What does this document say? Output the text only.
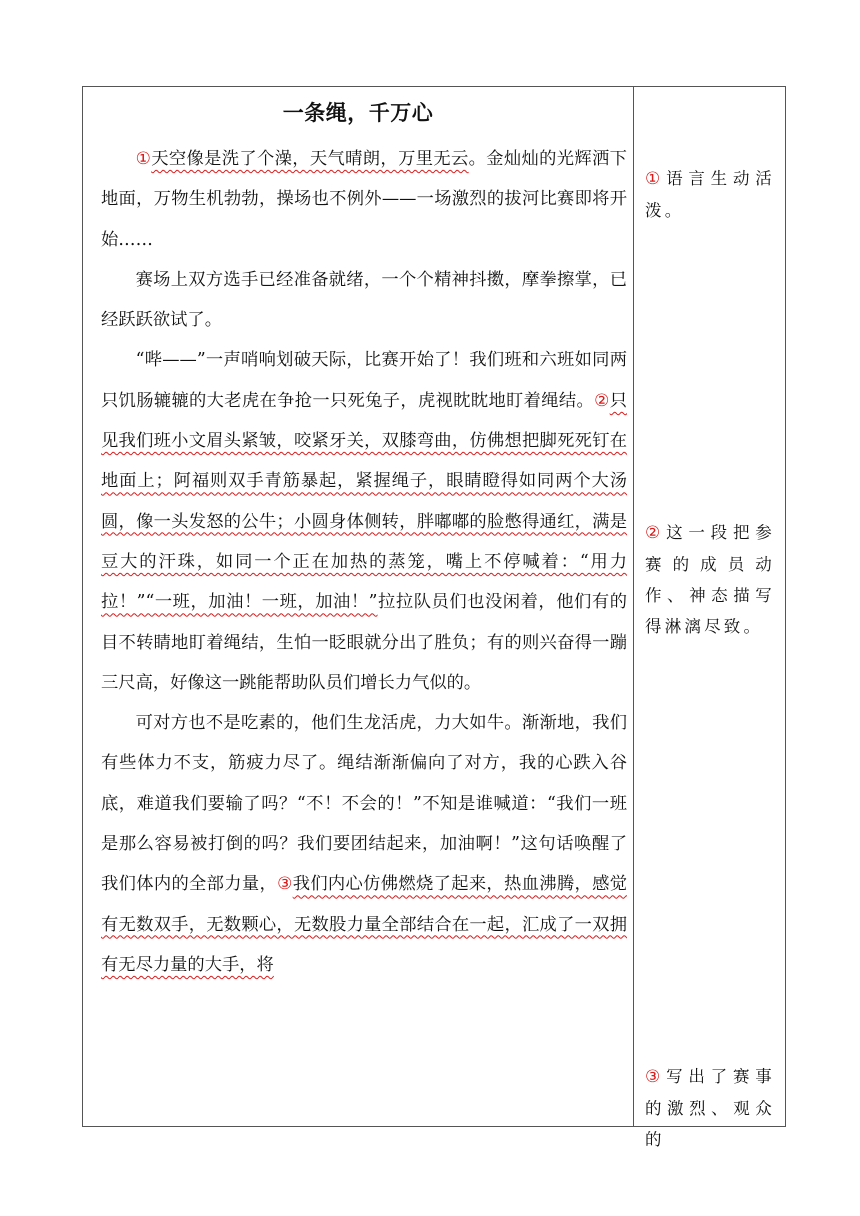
一条绳，千万心

①天空像是洗了个澡，天气晴朗，万里无云。金灿灿的光辉洒下地面，万物生机勃勃，操场也不例外——一场激烈的拔河比赛即将开始……

赛场上双方选手已经准备就绪，一个个精神抖擞，摩拳擦掌，已经跃跃欲试了。

“哔——”一声哨响划破天际，比赛开始了！我们班和六班如同两只饥肠辘辘的大老虎在争抢一只死兔子，虎视眈眈地盯着绳结。②只见我们班小文眉头紧皱，咬紧牙关，双膝弯曲，仿佛想把脚死死钉在地面上；阿福则双手青筋暴起，紧握绳子，眼睛瞪得如同两个大汤圆，像一头发怒的公牛；小圆身体侧转，胖嘟嘟的脸憋得通红，满是豆大的汗珠，如同一个正在加热的蒸笼，嘴上不停喊着：“用力拉！”“一班，加油！一班，加油！”拉拉队员们也没闲着，他们有的目不转睛地盯着绳结，生怕一眨眼就分出了胜负；有的则兴奋得一蹦三尺高，好像这一跳能帮助队员们增长力气似的。

可对方也不是吃素的，他们生龙活虎，力大如牛。渐渐地，我们有些体力不支，筋疲力尽了。绳结渐渐偏向了对方，我的心跌入谷底，难道我们要输了吗？“不！不会的！”不知是谁喊道：“我们一班是那么容易被打倒的吗？我们要团结起来，加油啊！”这句话唤醒了我们体内的全部力量，③我们内心仿佛燃烧了起来，热血沸腾，感觉有无数双手，无数颗心，无数股力量全部结合在一起，汇成了一双拥有无尽力量的大手，将

①语言生动活泼。
②这一段把参赛的成员动作、神态描写得淋漓尽致。
③写出了赛事的激烈、观众的
